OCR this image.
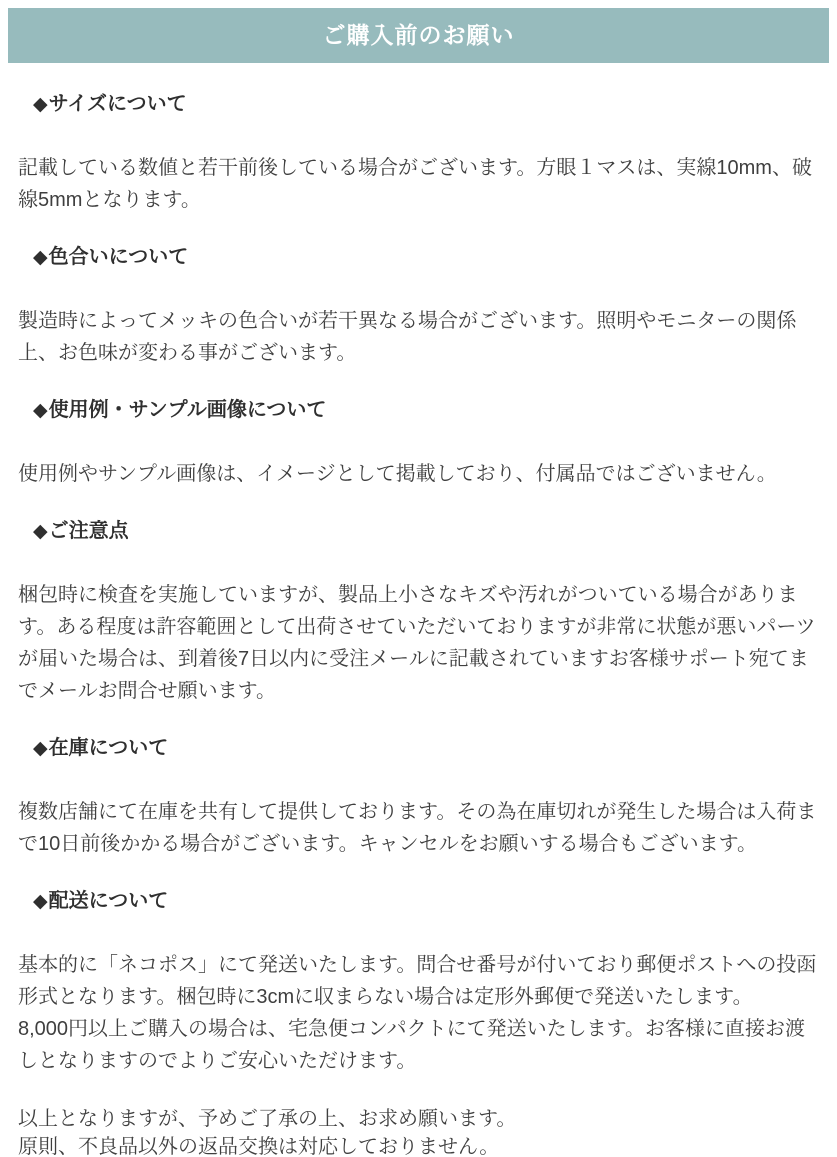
ご購入前のお願い
◆サイズについて

記載している数値と若干前後している場合がございます。方眼１マスは、実線10mm、破線5mmとなります。

◆色合いについて

製造時によってメッキの色合いが若干異なる場合がございます。照明やモニターの関係上、お色味が変わる事がございます。

◆使用例・サンプル画像について

使用例やサンプル画像は、イメージとして掲載しており、付属品ではございません。

◆ご注意点

梱包時に検査を実施していますが、製品上小さなキズや汚れがついている場合があります。ある程度は許容範囲として出荷させていただいておりますが非常に状態が悪いパーツが届いた場合は、到着後7日以内に受注メールに記載されていますお客様サポート宛てまでメールお問合せ願います。

◆在庫について

複数店舗にて在庫を共有して提供しております。その為在庫切れが発生した場合は入荷まで10日前後かかる場合がございます。キャンセルをお願いする場合もございます。

◆配送について

基本的に「ネコポス」にて発送いたします。問合せ番号が付いており郵便ポストへの投函形式となります。梱包時に3cmに収まらない場合は定形外郵便で発送いたします。

8,000円以上ご購入の場合は、宅急便コンパクトにて発送いたします。お客様に直接お渡しとなりますのでよりご安心いただけます。

以上となりますが、予めご了承の上、お求め願います。

原則、不良品以外の返品交換は対応しておりません。
